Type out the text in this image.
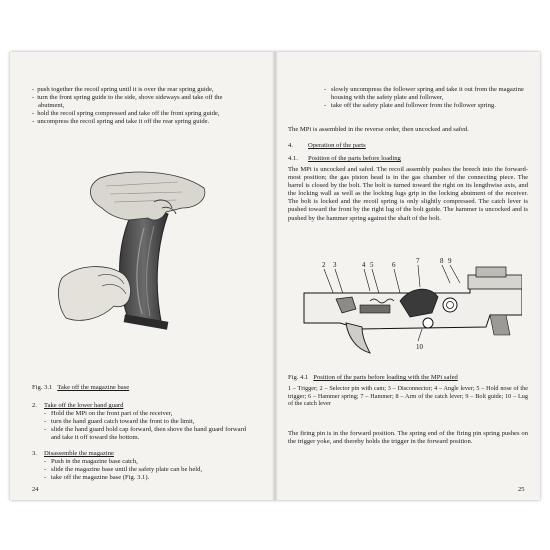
- push together the recoil spring until it is over the rear spring guide,
- turn the front spring guide to the side, shove sideways and take off the abutment,
- hold the recoil spring compressed and take off the front spring guide,
- uncompress the recoil spring and take it off the rear spring guide.
Fig. 3.1 Take off the magazine base
2. Take off the lower hand guard
- Hold the MPi on the front part of the receiver,
- turn the hand guard catch toward the front to the limit,
- slide the hand guard hold cap forward, then shove the hand guard forward and take it off toward the bottom.
3. Disassemble the magazine
- Push in the magazine base catch,
- slide the magazine base until the safety plate can be held,
- take off the magazine base (Fig. 3.1).
24
- slowly uncompress the follower spring and take it out from the magazine housing with the safety plate and follower,
- take off the safety plate and follower from the follower spring.
The MPi is assembled in the reverse order, then uncocked and safed.
4. Operation of the parts
4.1. Position of the parts before loading

The MPi is uncocked and safed. The recoil assembly pushes the breech into the forward-most position; the gas piston head is in the gas chamber of the connecting piece. The barrel is closed by the bolt. The bolt is turned toward the right on its lengthwise axis, and the locking wall as well as the locking lugs grip in the locking abutment of the receiver. The bolt is locked and the recoil spring is only slightly compressed. The catch lever is pushed toward the front by the right lug of the bolt guide. The hammer is uncocked and is pushed by the hammer spring against the shaft of the bolt.

2 3	4 5	6	7	8 9
10
Fig. 4.1 Position of the parts before loading with the MPi safed

1 – Trigger; 2 – Selector pin with cam; 3 – Disconnector; 4 – Angle lever; 5 – Hold nose of the trigger; 6 – Hammer spring; 7 – Hammer; 8 – Arm of the catch lever; 9 – Bolt guide; 10 – Lug of the catch lever

The firing pin is in the forward position. The spring end of the firing pin spring pushes on the trigger yoke, and thereby holds the trigger in the forward position.

25
